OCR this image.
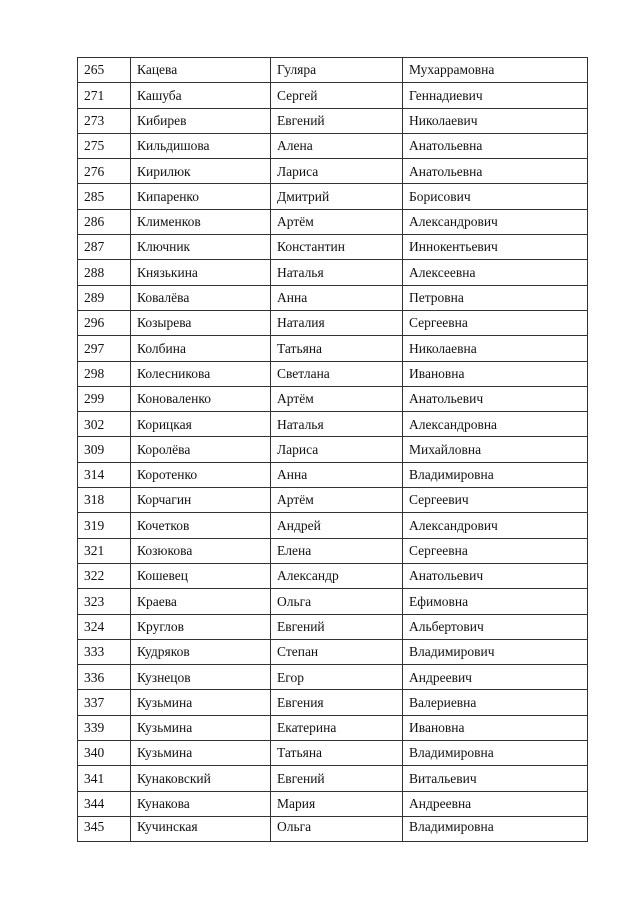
265	Кацева	Гуляра	Мухаррамовна
271	Кашуба	Сергей	Геннадиевич
273	Кибирев	Евгений	Николаевич
275	Кильдишова	Алена	Анатольевна
276	Кирилюк	Лариса	Анатольевна
285	Кипаренко	Дмитрий	Борисович
286	Клименков	Артём	Александрович
287	Ключник	Константин	Иннокентьевич
288	Князькина	Наталья	Алексеевна
289	Ковалёва	Анна	Петровна
296	Козырева	Наталия	Сергеевна
297	Колбина	Татьяна	Николаевна
298	Колесникова	Светлана	Ивановна
299	Коноваленко	Артём	Анатольевич
302	Корицкая	Наталья	Александровна
309	Королёва	Лариса	Михайловна
314	Коротенко	Анна	Владимировна
318	Корчагин	Артём	Сергеевич
319	Кочетков	Андрей	Александрович
321	Козюкова	Елена	Сергеевна
322	Кошевец	Александр	Анатольевич
323	Краева	Ольга	Ефимовна
324	Круглов	Евгений	Альбертович
333	Кудряков	Степан	Владимирович
336	Кузнецов	Егор	Андреевич
337	Кузьмина	Евгения	Валериевна
339	Кузьмина	Екатерина	Ивановна
340	Кузьмина	Татьяна	Владимировна
341	Кунаковский	Евгений	Витальевич
344	Кунакова	Мария	Андреевна
345	Кучинская	Ольга	Владимировна
